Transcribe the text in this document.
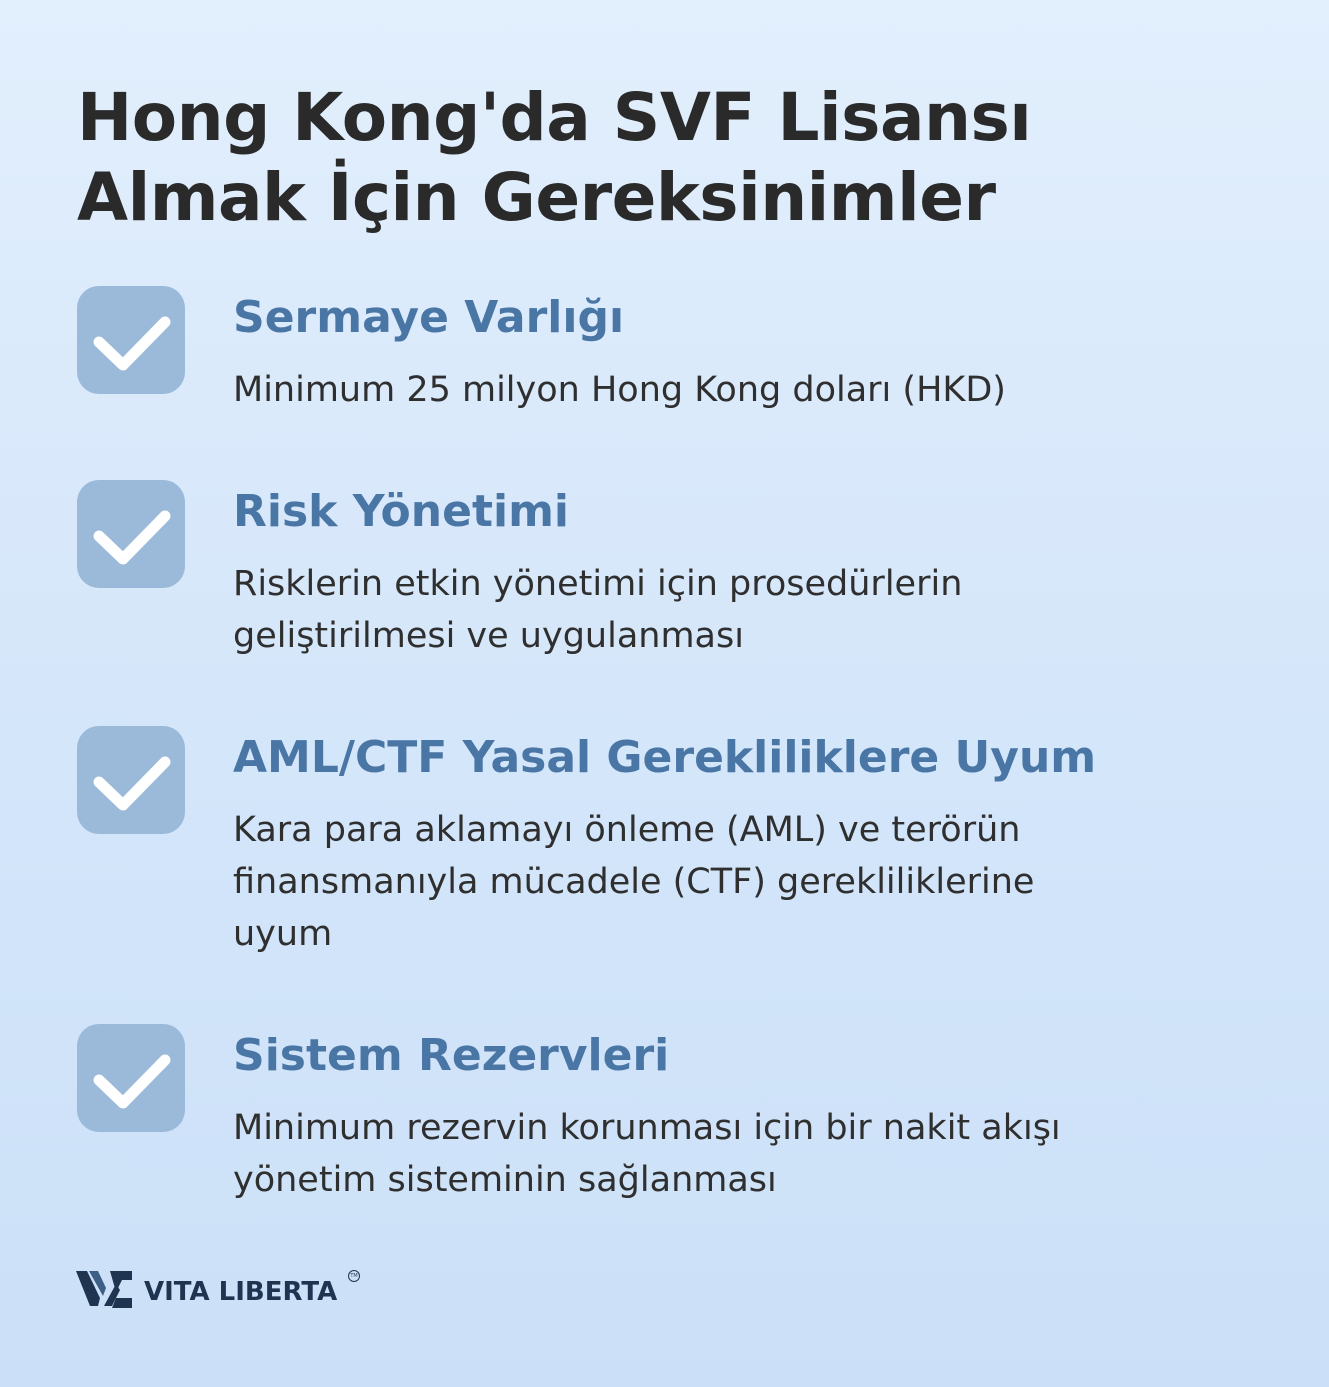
Hong Kong'da SVF Lisansı
Almak İçin Gereksinimler
Sermaye Varlığı
Minimum 25 milyon Hong Kong doları (HKD)
Risk Yönetimi
Risklerin etkin yönetimi için prosedürlerin
geliştirilmesi ve uygulanması
AML/CTF Yasal Gerekliliklere Uyum
Kara para aklamayı önleme (AML) ve terörün
finansmanıyla mücadele (CTF) gerekliliklerine
uyum
Sistem Rezervleri
Minimum rezervin korunması için bir nakit akışı
yönetim sisteminin sağlanması
VITA LIBERTA
TM
